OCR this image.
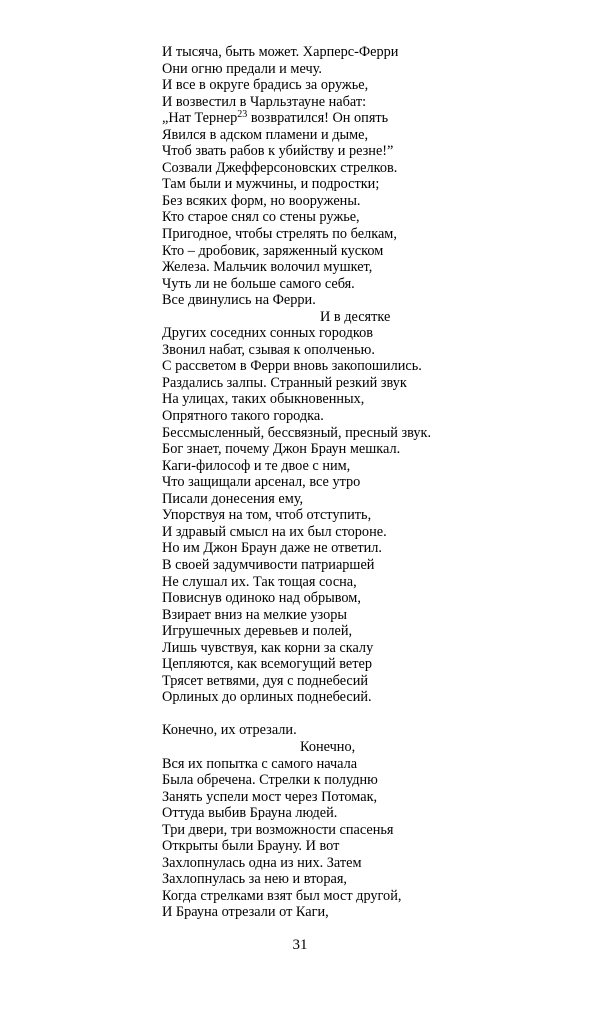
И тысяча, быть может. Харперс-Ферри
Они огню предали и мечу.
И все в округе брадись за оружье,
И возвестил в Чарльзтауне набат:
„Нат Тернер$^{23}$ возвратился! Он опять
Явился в адском пламени и дыме,
Чтоб звать рабов к убийству и резне!”
Созвали Джефферсоновских стрелков.
Там были и мужчины, и подростки;
Без всяких форм, но вооружены.
Кто старое снял со стены ружье,
Пригодное, чтобы стрелять по белкам,
Кто – дробовик, заряженный куском
Железа. Мальчик волочил мушкет,
Чуть ли не больше самого себя.
Все двинулись на Ферри.
И в десятке
Других соседних сонных городков
Звонил набат, сзывая к ополченью.
С рассветом в Ферри вновь закопошились.
Раздались залпы. Странный резкий звук
На улицах, таких обыкновенных,
Опрятного такого городка.
Бессмысленный, бессвязный, пресный звук.
Бог знает, почему Джон Браун мешкал.
Каги-философ и те двое с ним,
Что защищали арсенал, все утро
Писали донесения ему,
Упорствуя на том, чтоб отступить,
И здравый смысл на их был стороне.
Но им Джон Браун даже не ответил.
В своей задумчивости патриаршей
Не слушал их. Так тощая сосна,
Повиснув одиноко над обрывом,
Взирает вниз на мелкие узоры
Игрушечных деревьев и полей,
Лишь чувствуя, как корни за скалу
Цепляются, как всемогущий ветер
Трясет ветвями, дуя с поднебесий
Орлиных до орлиных поднебесий.
Конечно, их отрезали.
Конечно,
Вся их попытка с самого начала
Была обречена. Стрелки к полудню
Занять успели мост через Потомак,
Оттуда выбив Брауна людей.
Три двери, три возможности спасенья
Открыты были Брауну. И вот
Захлопнулась одна из них. Затем
Захлопнулась за нею и вторая,
Когда стрелками взят был мост другой,
И Брауна отрезали от Каги,
31
